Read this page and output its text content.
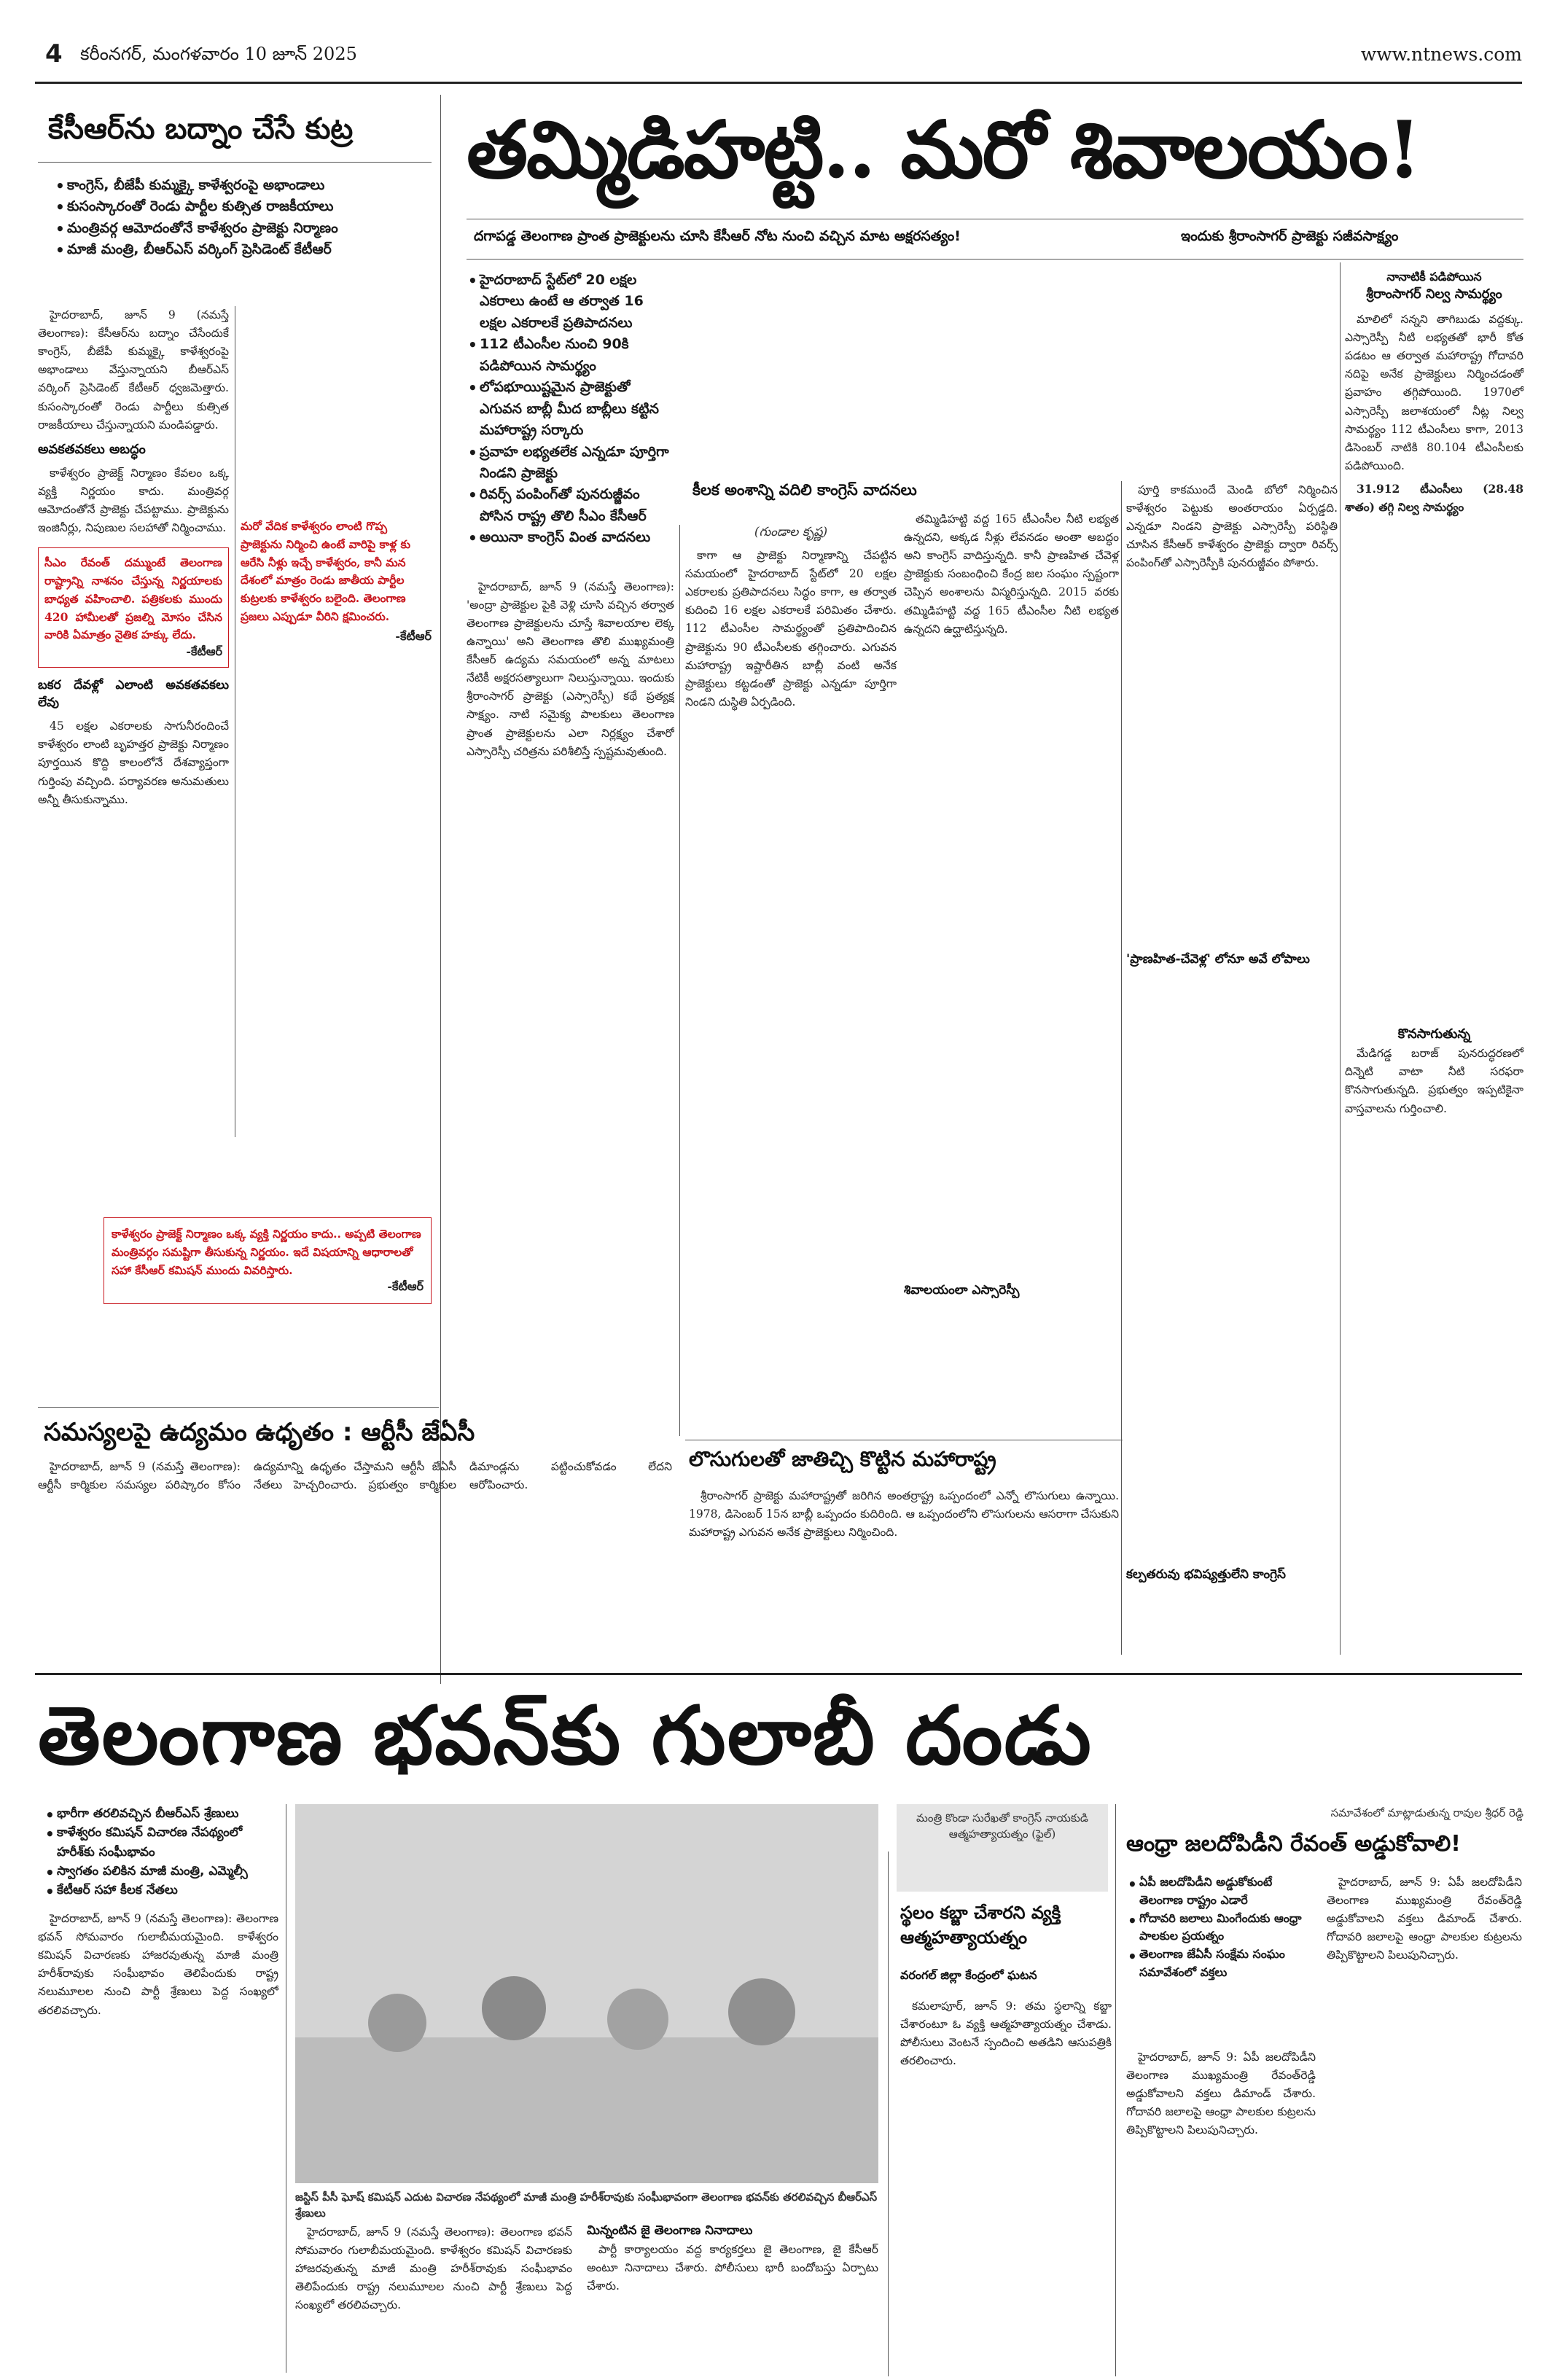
4 కరీంనగర్, మంగళవారం 10 జూన్ 2025	www.ntnews.com
కేసీఆర్‌ను బద్నాం చేసే కుట్ర
• కాంగ్రెస్, బీజేపీ కుమ్మక్కై కాళేశ్వరంపై అభాండాలు
• కుసంస్కారంతో రెండు పార్టీల కుత్సిత రాజకీయాలు
• మంత్రివర్గ ఆమోదంతోనే కాళేశ్వరం ప్రాజెక్టు నిర్మాణం
• మాజీ మంత్రి, బీఆర్‌ఎస్ వర్కింగ్ ప్రెసిడెంట్ కేటీఆర్

హైదరాబాద్, జూన్ 9 (నమస్తే తెలంగాణ): కేసీఆర్‌ను బద్నాం చేసేందుకే కాంగ్రెస్, బీజేపీ కుమ్మక్కై కాళేశ్వరంపై అభాండాలు వేస్తున్నాయని బీఆర్‌ఎస్ వర్కింగ్ ప్రెసిడెంట్ కేటీఆర్ ధ్వజమెత్తారు. కుసంస్కారంతో రెండు పార్టీలు కుత్సిత రాజకీయాలు చేస్తున్నాయని మండిపడ్డారు.

అవకతవకలు అబద్ధం

కాళేశ్వరం ప్రాజెక్ట్ నిర్మాణం కేవలం ఒక్క వ్యక్తి నిర్ణయం కాదు. మంత్రివర్గ ఆమోదంతోనే ప్రాజెక్టు చేపట్టాము. ప్రాజెక్టును ఇంజినీర్లు, నిపుణుల సలహాతో నిర్మించాము.

సీఎం రేవంత్ దమ్ముంటే తెలంగాణ రాష్ట్రాన్ని నాశనం చేస్తున్న నిర్ణయాలకు బాధ్యత వహించాలి. పత్రికలకు ముందు 420 హామీలతో ప్రజల్ని మోసం చేసిన వారికి ఏమాత్రం నైతిక హక్కు లేదు.
-కేటీఆర్
బకర దేవళ్లో ఎలాంటి అవకతవకలు లేవు

45 లక్షల ఎకరాలకు సాగునీరందించే కాళేశ్వరం లాంటి బృహత్తర ప్రాజెక్టు నిర్మాణం పూర్తయిన కొద్ది కాలంలోనే దేశవ్యాప్తంగా గుర్తింపు వచ్చింది. పర్యావరణ అనుమతులు అన్నీ తీసుకున్నాము.

మరో వేదిక కాళేశ్వరం లాంటి గొప్ప ప్రాజెక్టును నిర్మించి ఉంటే వారిపై కాళ్ల కు ఆరేసి నీళ్లు ఇచ్చే కాళేశ్వరం, కానీ మన దేశంలో మాత్రం రెండు జాతీయ పార్టీల కుట్రలకు కాళేశ్వరం బలైంది. తెలంగాణ ప్రజలు ఎప్పుడూ వీరిని క్షమించరు.
-కేటీఆర్
కాళేశ్వరం ప్రాజెక్ట్ నిర్మాణం ఒక్క వ్యక్తి నిర్ణయం కాదు.. అప్పటి తెలంగాణ మంత్రివర్గం సమష్టిగా తీసుకున్న నిర్ణయం. ఇదే విషయాన్ని ఆధారాలతో సహా కేసీఆర్ కమిషన్ ముందు వివరిస్తారు.
-కేటీఆర్
తమ్మిడిహట్టి.. మరో శివాలయం!
దగాపడ్డ తెలంగాణ ప్రాంత ప్రాజెక్టులను చూసి కేసీఆర్ నోట నుంచి వచ్చిన మాట అక్షరసత్యం!	ఇందుకు శ్రీరాంసాగర్ ప్రాజెక్టు సజీవసాక్ష్యం
• హైదరాబాద్ స్టేట్‌లో 20 లక్షల ఎకరాలు ఉంటే ఆ తర్వాత 16 లక్షల ఎకరాలకే ప్రతిపాదనలు
• 112 టీఎంసీల నుంచి 90కి పడిపోయిన సామర్థ్యం
• లోపభూయిష్టమైన ప్రాజెక్టుతో ఎగువన బాబ్లీ మీద బాబ్లీలు కట్టిన మహారాష్ట్ర సర్కారు
• ప్రవాహ లభ్యతలేక ఎన్నడూ పూర్తిగా నిండని ప్రాజెక్టు
• రివర్స్ పంపింగ్‌తో పునరుజ్జీవం పోసిన రాష్ట్ర తొలి సీఎం కేసీఆర్
• అయినా కాంగ్రెస్ వింత వాదనలు

హైదరాబాద్, జూన్ 9 (నమస్తే తెలంగాణ): 'అంద్రా ప్రాజెక్టుల పైకి వెళ్లి చూసి వచ్చిన తర్వాత తెలంగాణ ప్రాజెక్టులను చూస్తే శివాలయాల లెక్క ఉన్నాయి' అని తెలంగాణ తొలి ముఖ్యమంత్రి కేసీఆర్ ఉద్యమ సమయంలో అన్న మాటలు నేటికీ అక్షరసత్యాలుగా నిలుస్తున్నాయి. ఇందుకు శ్రీరాంసాగర్ ప్రాజెక్టు (ఎస్సారెస్పీ) కథే ప్రత్యక్ష సాక్ష్యం. నాటి సమైక్య పాలకులు తెలంగాణ ప్రాంత ప్రాజెక్టులను ఎలా నిర్లక్ష్యం చేశారో ఎస్సారెస్పీ చరిత్రను పరిశీలిస్తే స్పష్టమవుతుంది.

(గుండాల కృష్ణ)

కాగా ఆ ప్రాజెక్టు నిర్మాణాన్ని చేపట్టిన సమయంలో హైదరాబాద్ స్టేట్‌లో 20 లక్షల ఎకరాలకు ప్రతిపాదనలు సిద్ధం కాగా, ఆ తర్వాత కుదించి 16 లక్షల ఎకరాలకే పరిమితం చేశారు. 112 టీఎంసీల సామర్థ్యంతో ప్రతిపాదించిన ప్రాజెక్టును 90 టీఎంసీలకు తగ్గించారు. ఎగువన మహారాష్ట్ర ఇష్టారీతిన బాబ్లీ వంటి అనేక ప్రాజెక్టులు కట్టడంతో ప్రాజెక్టు ఎన్నడూ పూర్తిగా నిండని దుస్థితి ఏర్పడింది.

కీలక అంశాన్ని వదిలి కాంగ్రెస్ వాదనలు

తమ్మిడిహట్టి వద్ద 165 టీఎంసీల నీటి లభ్యత ఉన్నదని, అక్కడ నీళ్లు లేవనడం అంతా అబద్ధం అని కాంగ్రెస్ వాదిస్తున్నది. కానీ ప్రాణహిత చేవెళ్ల ప్రాజెక్టుకు సంబంధించి కేంద్ర జల సంఘం స్పష్టంగా చెప్పిన అంశాలను విస్మరిస్తున్నది. 2015 వరకు తమ్మిడిహట్టి వద్ద 165 టీఎంసీల నీటి లభ్యత ఉన్నదని ఉద్ఘాటిస్తున్నది.

పూర్తి కాకముందే మెండి బోలో నిర్మించిన కాళేశ్వరం పెట్టుకు అంతరాయం ఏర్పడ్డది. ఎన్నడూ నిండని ప్రాజెక్టు ఎస్సారెస్పీ పరిస్థితి చూసిన కేసీఆర్ కాళేశ్వరం ప్రాజెక్టు ద్వారా రివర్స్ పంపింగ్‌తో ఎస్సారెస్పీకి పునరుజ్జీవం పోశారు.

'ప్రాణహిత-చేవెళ్ల' లోనూ అవే లోపాలు
శివాలయంలా ఎస్సారెస్పీ
కల్పతరువు భవిష్యత్తులేని కాంగ్రెస్
నానాటికీ పడిపోయిన
శ్రీరాంసాగర్ నిల్వ సామర్థ్యం

మాలిలో సన్నని తాగిబుడు వద్దక్కు. ఎస్సారెస్పీ నీటి లభ్యతతో భారీ కోత పడటం ఆ తర్వాత మహారాష్ట్ర గోదావరి నదిపై అనేక ప్రాజెక్టులు నిర్మించడంతో ప్రవాహం తగ్గిపోయింది. 1970లో ఎస్సారెస్పీ జలాశయంలో నీట్ల నిల్వ సామర్థ్యం 112 టీఎంసీలు కాగా, 2013 డిసెంబర్ నాటికి 80.104 టీఎంసీలకు పడిపోయింది.

31.912 టీఎంసీలు (28.48 శాతం) తగ్గి నిల్వ సామర్థ్యం

కొనసాగుతున్న

మేడిగడ్డ బరాజ్ పునరుద్ధరణలో దిన్నెటి వాటా నీటి సరఫరా కొనసాగుతున్నది. ప్రభుత్వం ఇప్పటికైనా వాస్తవాలను గుర్తించాలి.

లొసుగులతో జాతిచ్చి కొట్టిన మహారాష్ట్ర

శ్రీరాంసాగర్ ప్రాజెక్టు మహారాష్ట్రతో జరిగిన అంతర్రాష్ట్ర ఒప్పందంలో ఎన్నో లొసుగులు ఉన్నాయి. 1978, డిసెంబర్ 15న బాబ్లీ ఒప్పందం కుదిరింది. ఆ ఒప్పందంలోని లొసుగులను ఆసరాగా చేసుకుని మహారాష్ట్ర ఎగువన అనేక ప్రాజెక్టులు నిర్మించింది.

సమస్యలపై ఉద్యమం ఉధృతం : ఆర్టీసీ జేఏసీ

హైదరాబాద్, జూన్ 9 (నమస్తే తెలంగాణ): ఆర్టీసీ కార్మికుల సమస్యల పరిష్కారం కోసం ఉద్యమాన్ని ఉధృతం చేస్తామని ఆర్టీసీ జేఏసీ నేతలు హెచ్చరించారు. ప్రభుత్వం కార్మికుల డిమాండ్లను పట్టించుకోవడం లేదని ఆరోపించారు.

తెలంగాణ భవన్‌కు గులాబీ దండు
• భారీగా తరలివచ్చిన బీఆర్‌ఎస్ శ్రేణులు
• కాళేశ్వరం కమిషన్ విచారణ నేపథ్యంలో హరీశ్‌కు సంఘీభావం
• స్వాగతం పలికిన మాజీ మంత్రి, ఎమ్మెల్సీ
• కేటీఆర్ సహా కీలక నేతలు

హైదరాబాద్, జూన్ 9 (నమస్తే తెలంగాణ): తెలంగాణ భవన్ సోమవారం గులాబీమయమైంది. కాళేశ్వరం కమిషన్ విచారణకు హాజరవుతున్న మాజీ మంత్రి హరీశ్‌రావుకు సంఘీభావం తెలిపేందుకు రాష్ట్ర నలుమూలల నుంచి పార్టీ శ్రేణులు పెద్ద సంఖ్యలో తరలివచ్చారు.

జస్టిస్ పీసీ ఘోష్ కమిషన్ ఎదుట విచారణ నేపథ్యంలో మాజీ మంత్రి హరీశ్‌రావుకు సంఘీభావంగా తెలంగాణ భవన్‌కు తరలివచ్చిన బీఆర్‌ఎస్ శ్రేణులు

హైదరాబాద్, జూన్ 9 (నమస్తే తెలంగాణ): తెలంగాణ భవన్ సోమవారం గులాబీమయమైంది. కాళేశ్వరం కమిషన్ విచారణకు హాజరవుతున్న మాజీ మంత్రి హరీశ్‌రావుకు సంఘీభావం తెలిపేందుకు రాష్ట్ర నలుమూలల నుంచి పార్టీ శ్రేణులు పెద్ద సంఖ్యలో తరలివచ్చారు.

మిన్నంటిన జై తెలంగాణ నినాదాలు

పార్టీ కార్యాలయం వద్ద కార్యకర్తలు జై తెలంగాణ, జై కేసీఆర్ అంటూ నినాదాలు చేశారు. పోలీసులు భారీ బందోబస్తు ఏర్పాటు చేశారు.

మంత్రి కొండా సురేఖతో కాంగ్రెస్ నాయకుడి ఆత్మహత్యాయత్నం (ఫైల్)
స్థలం కబ్జా చేశారని వ్యక్తి ఆత్మహత్యాయత్నం
వరంగల్ జిల్లా కేంద్రంలో ఘటన

కమలాపూర్, జూన్ 9: తమ స్థలాన్ని కబ్జా చేశారంటూ ఓ వ్యక్తి ఆత్మహత్యాయత్నం చేశాడు. పోలీసులు వెంటనే స్పందించి అతడిని ఆసుపత్రికి తరలించారు.

సమావేశంలో మాట్లాడుతున్న రావుల శ్రీధర్ రెడ్డి
ఆంధ్రా జలదోపిడీని రేవంత్ అడ్డుకోవాలి!
• ఏపీ జలదోపిడీని అడ్డుకోకుంటే తెలంగాణ రాష్ట్రం ఎడారే
• గోదావరి జలాలు మింగేందుకు ఆంధ్రా పాలకుల ప్రయత్నం
• తెలంగాణ జేఏసీ సంక్షేమ సంఘం సమావేశంలో వక్తలు

హైదరాబాద్, జూన్ 9: ఏపీ జలదోపిడీని తెలంగాణ ముఖ్యమంత్రి రేవంత్‌రెడ్డి అడ్డుకోవాలని వక్తలు డిమాండ్ చేశారు. గోదావరి జలాలపై ఆంధ్రా పాలకుల కుట్రలను తిప్పికొట్టాలని పిలుపునిచ్చారు.

హైదరాబాద్, జూన్ 9: ఏపీ జలదోపిడీని తెలంగాణ ముఖ్యమంత్రి రేవంత్‌రెడ్డి అడ్డుకోవాలని వక్తలు డిమాండ్ చేశారు. గోదావరి జలాలపై ఆంధ్రా పాలకుల కుట్రలను తిప్పికొట్టాలని పిలుపునిచ్చారు.
